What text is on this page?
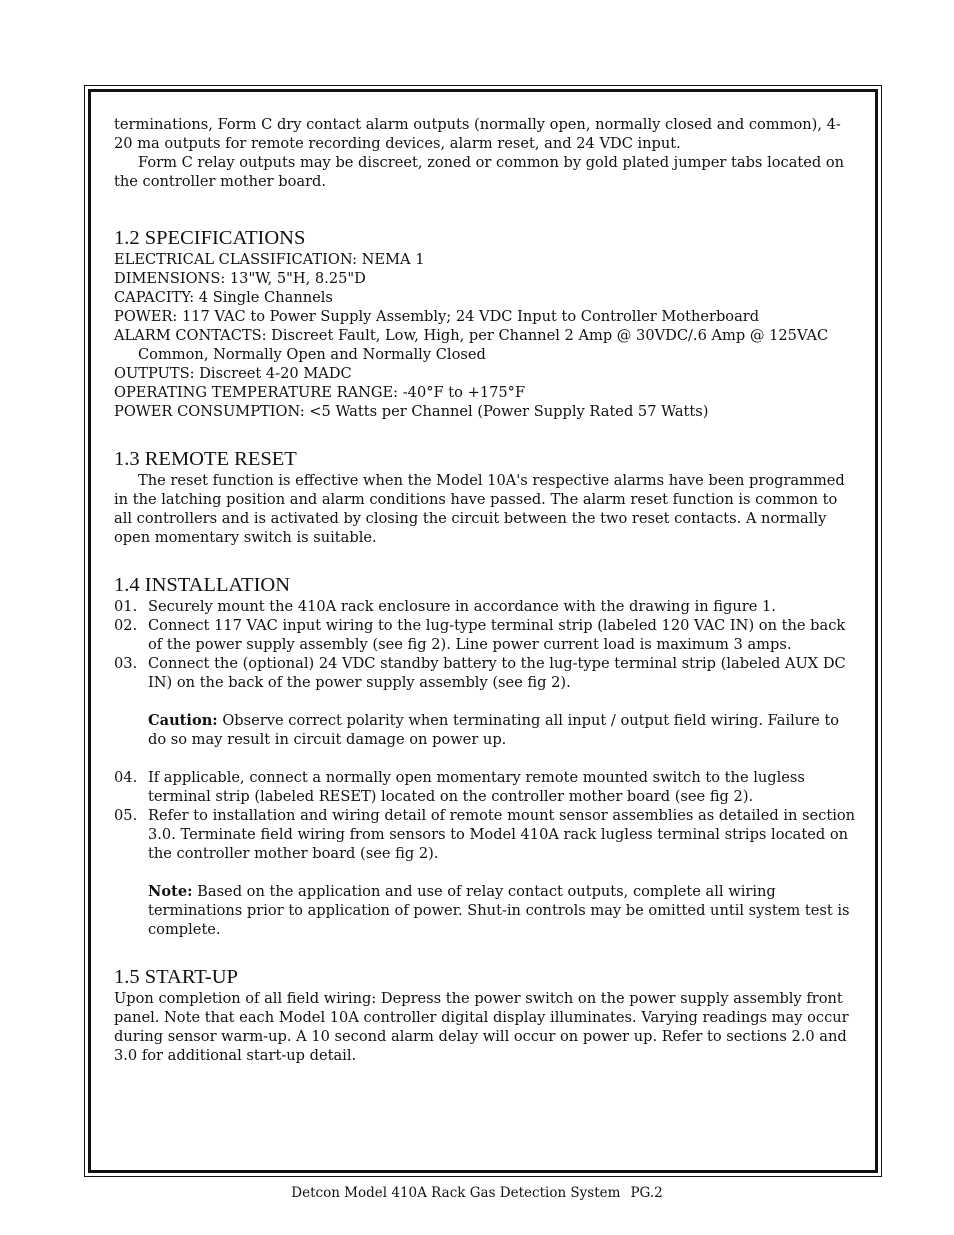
terminations, Form C dry contact alarm outputs (normally open, normally closed and common), 4-20 ma outputs for remote recording devices, alarm reset, and 24 VDC input.

Form C relay outputs may be discreet, zoned or common by gold plated jumper tabs located on the controller mother board.

1.2 SPECIFICATIONS
ELECTRICAL CLASSIFICATION: NEMA 1
DIMENSIONS: 13"W, 5"H, 8.25"D
CAPACITY: 4 Single Channels
POWER: 117 VAC to Power Supply Assembly; 24 VDC Input to Controller Motherboard
ALARM CONTACTS: Discreet Fault, Low, High, per Channel 2 Amp @ 30VDC/.6 Amp @ 125VAC
Common, Normally Open and Normally Closed
OUTPUTS: Discreet 4-20 MADC
OPERATING TEMPERATURE RANGE: -40°F to +175°F
POWER CONSUMPTION: <5 Watts per Channel (Power Supply Rated 57 Watts)
1.3 REMOTE RESET

The reset function is effective when the Model 10A's respective alarms have been programmed in the latching position and alarm conditions have passed. The alarm reset function is common to all controllers and is activated by closing the circuit between the two reset contacts. A normally open momentary switch is suitable.

1.4 INSTALLATION
01. Securely mount the 410A rack enclosure in accordance with the drawing in figure 1.
02. Connect 117 VAC input wiring to the lug-type terminal strip (labeled 120 VAC IN) on the back of the power supply assembly (see fig 2). Line power current load is maximum 3 amps.
03. Connect the (optional) 24 VDC standby battery to the lug-type terminal strip (labeled AUX DC IN) on the back of the power supply assembly (see fig 2).

Caution: Observe correct polarity when terminating all input / output field wiring. Failure to do so may result in circuit damage on power up.

04. If applicable, connect a normally open momentary remote mounted switch to the lugless terminal strip (labeled RESET) located on the controller mother board (see fig 2).
05. Refer to installation and wiring detail of remote mount sensor assemblies as detailed in section 3.0. Terminate field wiring from sensors to Model 410A rack lugless terminal strips located on the controller mother board (see fig 2).

Note: Based on the application and use of relay contact outputs, complete all wiring terminations prior to application of power. Shut-in controls may be omitted until system test is complete.

1.5 START-UP

Upon completion of all field wiring: Depress the power switch on the power supply assembly front panel. Note that each Model 10A controller digital display illuminates. Varying readings may occur during sensor warm-up. A 10 second alarm delay will occur on power up. Refer to sections 2.0 and 3.0 for additional start-up detail.

Detcon Model 410A Rack Gas Detection System PG.2
